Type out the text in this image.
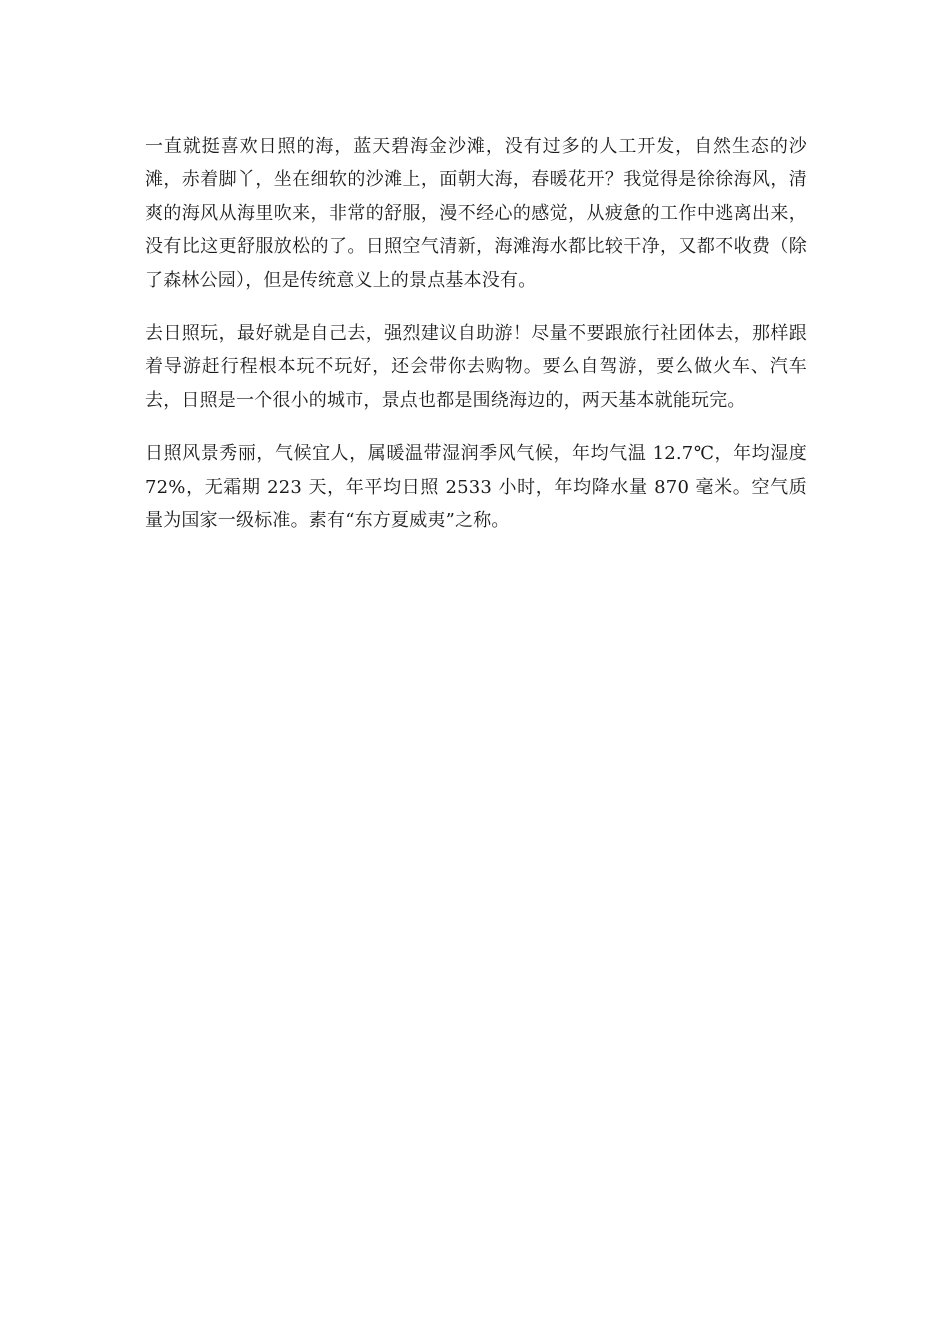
一直就挺喜欢日照的海，蓝天碧海金沙滩，没有过多的人工开发，自然生态的沙滩，赤着脚丫，坐在细软的沙滩上，面朝大海，春暖花开？我觉得是徐徐海风，清爽的海风从海里吹来，非常的舒服，漫不经心的感觉，从疲惫的工作中逃离出来，没有比这更舒服放松的了。日照空气清新，海滩海水都比较干净，又都不收费（除了森林公园），但是传统意义上的景点基本没有。

去日照玩，最好就是自己去，强烈建议自助游！尽量不要跟旅行社团体去，那样跟着导游赶行程根本玩不玩好，还会带你去购物。要么自驾游，要么做火车、汽车去，日照是一个很小的城市，景点也都是围绕海边的，两天基本就能玩完。

日照风景秀丽，气候宜人，属暖温带湿润季风气候，年均气温 12.7℃，年均湿度 72%，无霜期 223 天，年平均日照 2533 小时，年均降水量 870 毫米。空气质量为国家一级标准。素有“东方夏威夷”之称。
